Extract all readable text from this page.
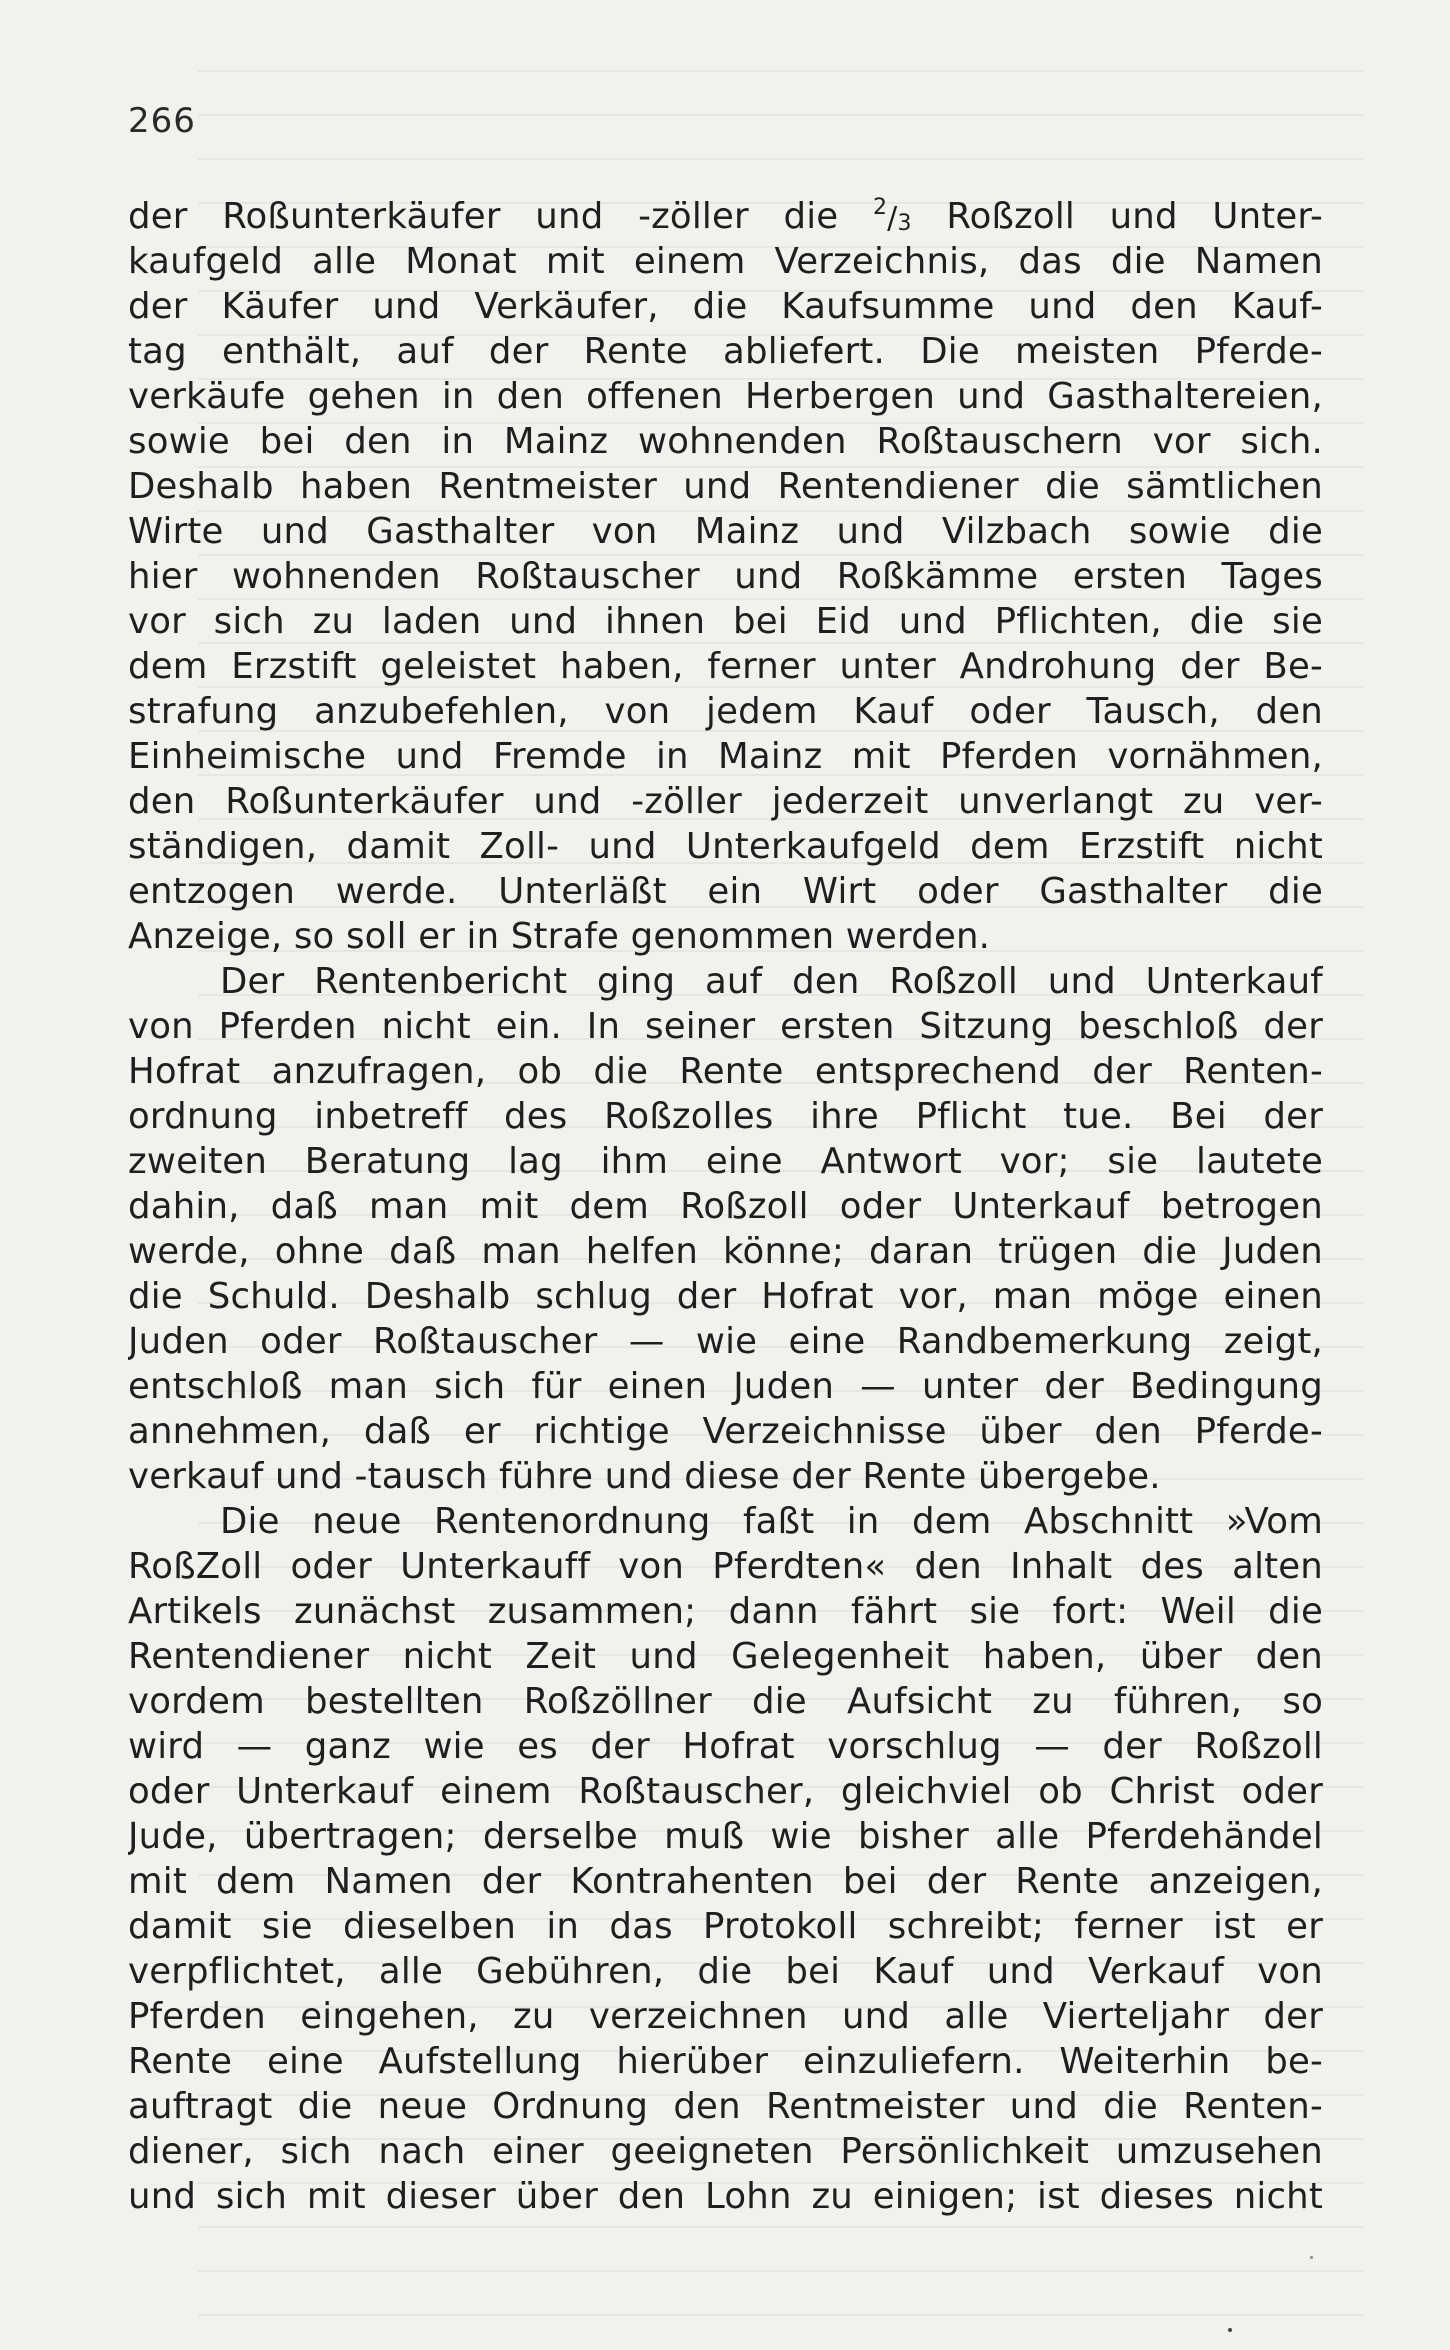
266
der Roßunterkäufer und -zöller die $^2/_3$ Roßzoll und Unter-
kaufgeld alle Monat mit einem Verzeichnis, das die Namen
der Käufer und Verkäufer, die Kaufsumme und den Kauf-
tag enthält, auf der Rente abliefert. Die meisten Pferde-
verkäufe gehen in den offenen Herbergen und Gasthaltereien,
sowie bei den in Mainz wohnenden Roßtauschern vor sich.
Deshalb haben Rentmeister und Rentendiener die sämtlichen
Wirte und Gasthalter von Mainz und Vilzbach sowie die
hier wohnenden Roßtauscher und Roßkämme ersten Tages
vor sich zu laden und ihnen bei Eid und Pflichten, die sie
dem Erzstift geleistet haben, ferner unter Androhung der Be-
strafung anzubefehlen, von jedem Kauf oder Tausch, den
Einheimische und Fremde in Mainz mit Pferden vornähmen,
den Roßunterkäufer und -zöller jederzeit unverlangt zu ver-
ständigen, damit Zoll- und Unterkaufgeld dem Erzstift nicht
entzogen werde. Unterläßt ein Wirt oder Gasthalter die
Anzeige, so soll er in Strafe genommen werden.
Der Rentenbericht ging auf den Roßzoll und Unterkauf
von Pferden nicht ein. In seiner ersten Sitzung beschloß der
Hofrat anzufragen, ob die Rente entsprechend der Renten-
ordnung inbetreff des Roßzolles ihre Pflicht tue. Bei der
zweiten Beratung lag ihm eine Antwort vor; sie lautete
dahin, daß man mit dem Roßzoll oder Unterkauf betrogen
werde, ohne daß man helfen könne; daran trügen die Juden
die Schuld. Deshalb schlug der Hofrat vor, man möge einen
Juden oder Roßtauscher — wie eine Randbemerkung zeigt,
entschloß man sich für einen Juden — unter der Bedingung
annehmen, daß er richtige Verzeichnisse über den Pferde-
verkauf und -tausch führe und diese der Rente übergebe.
Die neue Rentenordnung faßt in dem Abschnitt »Vom
RoßZoll oder Unterkauff von Pferdten« den Inhalt des alten
Artikels zunächst zusammen; dann fährt sie fort: Weil die
Rentendiener nicht Zeit und Gelegenheit haben, über den
vordem bestellten Roßzöllner die Aufsicht zu führen, so
wird — ganz wie es der Hofrat vorschlug — der Roßzoll
oder Unterkauf einem Roßtauscher, gleichviel ob Christ oder
Jude, übertragen; derselbe muß wie bisher alle Pferdehändel
mit dem Namen der Kontrahenten bei der Rente anzeigen,
damit sie dieselben in das Protokoll schreibt; ferner ist er
verpflichtet, alle Gebühren, die bei Kauf und Verkauf von
Pferden eingehen, zu verzeichnen und alle Vierteljahr der
Rente eine Aufstellung hierüber einzuliefern. Weiterhin be-
auftragt die neue Ordnung den Rentmeister und die Renten-
diener, sich nach einer geeigneten Persönlichkeit umzusehen
und sich mit dieser über den Lohn zu einigen; ist dieses nicht
